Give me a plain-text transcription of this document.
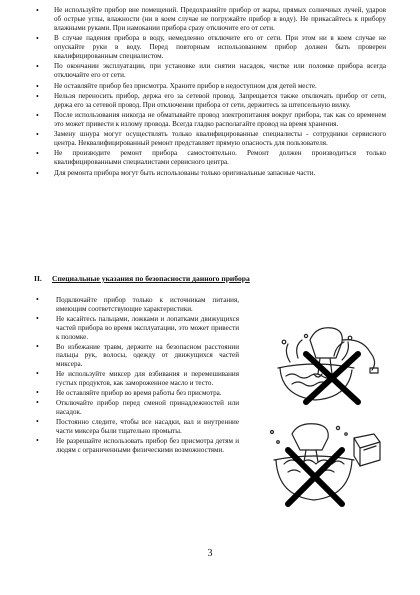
• Не используйте прибор вне помещений. Предохраняйте прибор от жары, прямых солнечных лучей, ударов об острые углы, влажности (ни в коем случае не погружайте прибор в воду). Не прикасайтесь к прибору влажными руками. При намокании прибора сразу отключите его от сети.
• В случае падения прибора в воду, немедленно отключите его от сети. При этом ни в коем случае не опускайте руки в воду. Перед повторным использованием прибор должен быть проверен квалифицированным специалистом.
• По окончании эксплуатации, при установке или снятии насадок, чистке или поломке прибора всегда отключайте его от сети.
• Не оставляйте прибор без присмотра. Храните прибор в недоступном для детей месте.
• Нельзя переносить прибор, держа его за сетевой провод. Запрещается также отключать прибор от сети, держа его за сетевой провод. При отключении прибора от сети, держитесь за штепсельную вилку.
• После использования никогда не обматывайте провод электропитания вокруг прибора, так как со временем это может привести к излому провода. Всегда гладко располагайте провод на время хранения.
• Замену шнура могут осуществлять только квалифицированные специалисты - сотрудники сервисного центра. Неквалифицированный ремонт представляет прямую опасность для пользователя.
• Не производите ремонт прибора самостоятельно. Ремонт должен производиться только квалифицированными специалистами сервисного центра.
• Для ремонта прибора могут быть использованы только оригинальные запасные части.
II. Специальные указания по безопасности данного прибора
• Подключайте прибор только к источникам питания, имеющим соответствующие характеристики.
• Не касайтесь пальцами, ложками и лопатками движущихся частей прибора во время эксплуатации, это может привести к поломке.
• Во избежание травм, держите на безопасном расстоянии пальцы рук, волосы, одежду от движущихся частей миксера.
• Не используйте миксер для взбивания и перемешивания густых продуктов, как замороженное масло и тесто.
• Не оставляйте прибор во время работы без присмотра.
• Отключайте прибор перед сменой принадлежностей или насадок.
• Постоянно следите, чтобы все насадки, вал и внутренние части миксера были тщательно промыты.
• Не разрешайте использовать прибор без присмотра детям и людям с ограниченными физическими возможностями.
3
